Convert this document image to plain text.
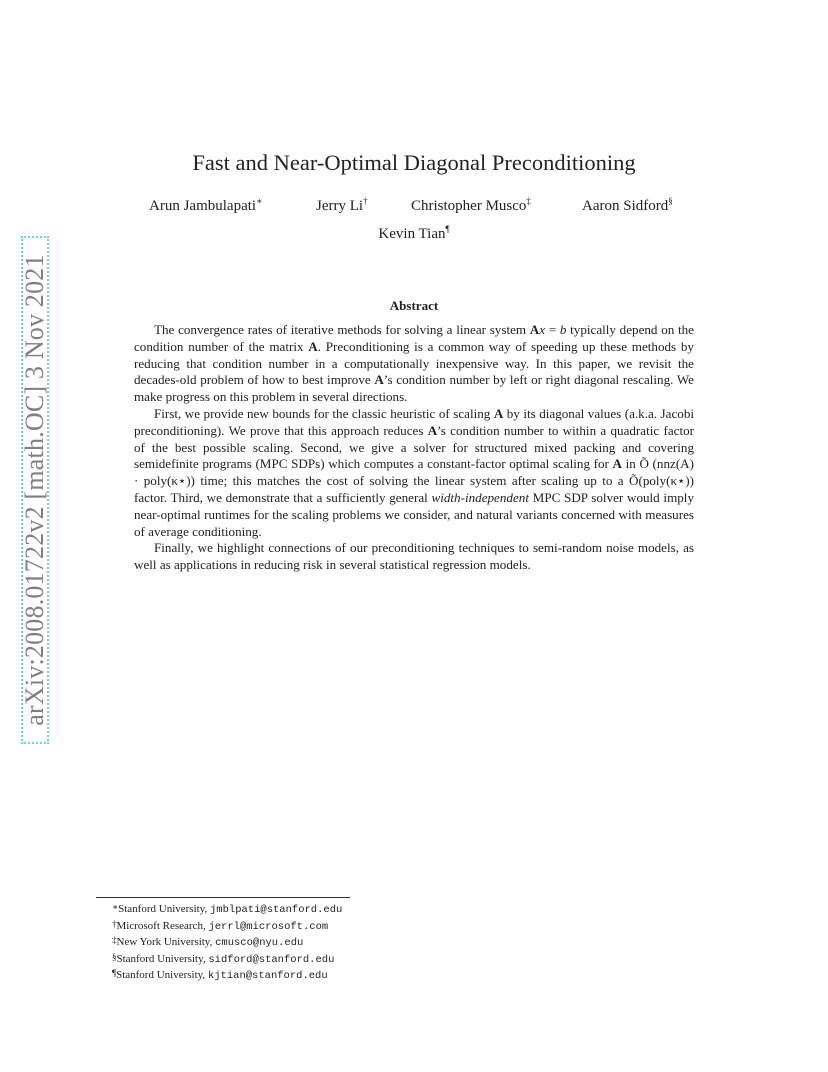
arXiv:2008.01722v2 [math.OC] 3 Nov 2021
Fast and Near-Optimal Diagonal Preconditioning
Arun Jambulapati∗	Jerry Li†	Christopher Musco‡	Aaron Sidford§
Kevin Tian¶
Abstract

The convergence rates of iterative methods for solving a linear system Ax = b typically depend on the condition number of the matrix A. Preconditioning is a common way of speeding up these methods by reducing that condition number in a computationally inexpensive way. In this paper, we revisit the decades-old problem of how to best improve A’s condition number by left or right diagonal rescaling. We make progress on this problem in several directions.

First, we provide new bounds for the classic heuristic of scaling A by its diagonal values (a.k.a. Jacobi preconditioning). We prove that this approach reduces A’s condition number to within a quadratic factor of the best possible scaling. Second, we give a solver for structured mixed packing and covering semidefinite programs (MPC SDPs) which computes a constant-factor optimal scaling for A in Õ (nnz(A) · poly(κ⋆)) time; this matches the cost of solving the linear system after scaling up to a Õ(poly(κ⋆)) factor. Third, we demonstrate that a sufficiently general width-independent MPC SDP solver would imply near-optimal runtimes for the scaling problems we consider, and natural variants concerned with measures of average conditioning.

Finally, we highlight connections of our preconditioning techniques to semi-random noise models, as well as applications in reducing risk in several statistical regression models.

∗Stanford University, jmblpati@stanford.edu
†Microsoft Research, jerrl@microsoft.com
‡New York University, cmusco@nyu.edu
§Stanford University, sidford@stanford.edu
¶Stanford University, kjtian@stanford.edu
